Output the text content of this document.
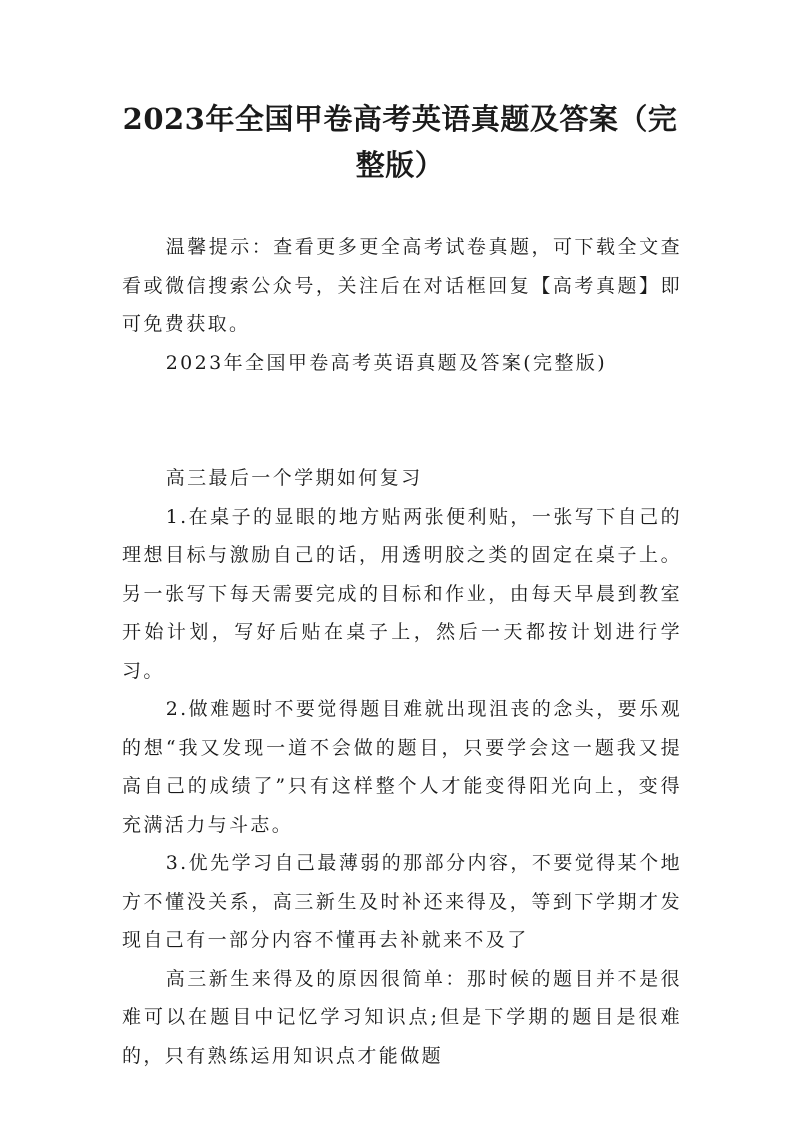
2023年全国甲卷高考英语真题及答案（完整版）

温馨提示：查看更多更全高考试卷真题，可下载全文查看或微信搜索公众号，关注后在对话框回复【高考真题】即可免费获取。

2023年全国甲卷高考英语真题及答案(完整版)

高三最后一个学期如何复习

1.在桌子的显眼的地方贴两张便利贴，一张写下自己的理想目标与激励自己的话，用透明胶之类的固定在桌子上。另一张写下每天需要完成的目标和作业，由每天早晨到教室开始计划，写好后贴在桌子上，然后一天都按计划进行学习。

2.做难题时不要觉得题目难就出现沮丧的念头，要乐观的想“我又发现一道不会做的题目，只要学会这一题我又提高自己的成绩了”只有这样整个人才能变得阳光向上，变得充满活力与斗志。

3.优先学习自己最薄弱的那部分内容，不要觉得某个地方不懂没关系，高三新生及时补还来得及，等到下学期才发现自己有一部分内容不懂再去补就来不及了

高三新生来得及的原因很简单：那时候的题目并不是很难可以在题目中记忆学习知识点;但是下学期的题目是很难的，只有熟练运用知识点才能做题
